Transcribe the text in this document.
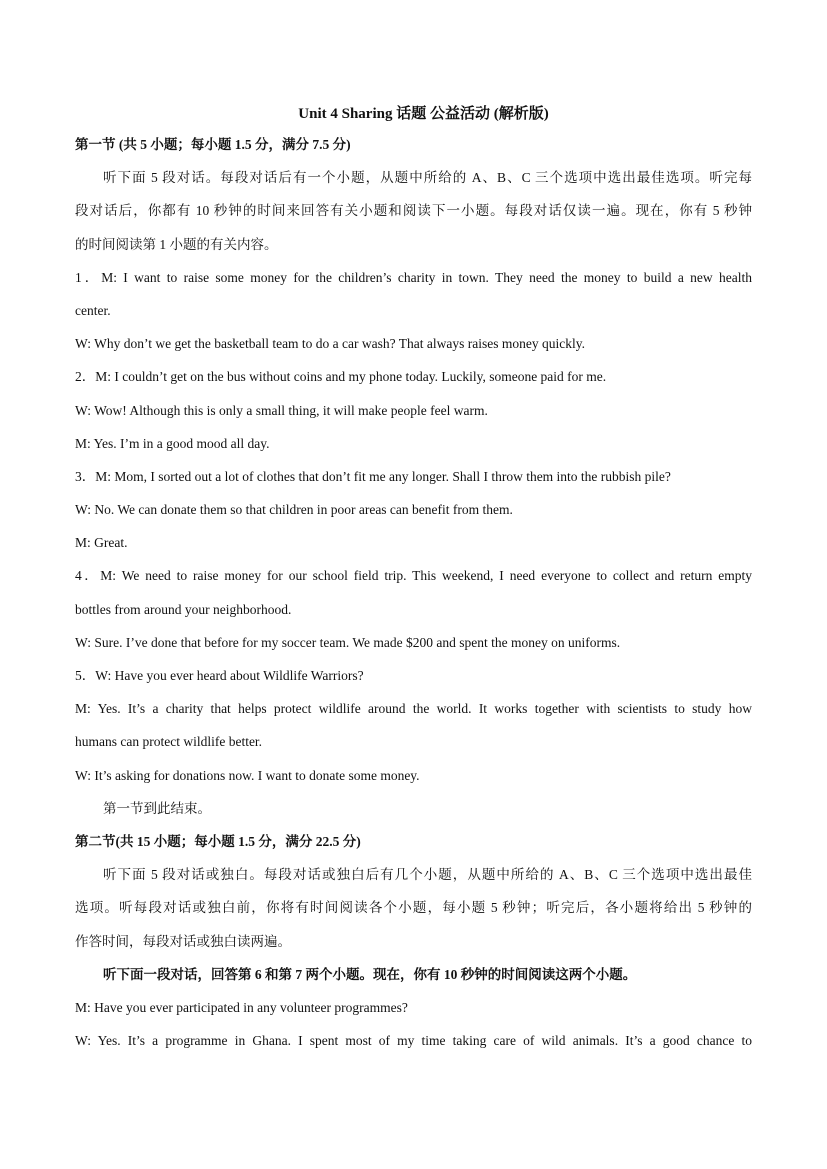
Unit 4 Sharing 话题 公益活动 (解析版)
第一节 (共 5 小题；每小题 1.5 分，满分 7.5 分)
听下面 5 段对话。每段对话后有一个小题，从题中所给的 A、B、C 三个选项中选出最佳选项。听完每
段对话后，你都有 10 秒钟的时间来回答有关小题和阅读下一小题。每段对话仅读一遍。现在，你有 5 秒钟
的时间阅读第 1 小题的有关内容。
1．M: I want to raise some money for the children’s charity in town. They need the money to build a new health
center.
W: Why don’t we get the basketball team to do a car wash? That always raises money quickly.
2．M: I couldn’t get on the bus without coins and my phone today. Luckily, someone paid for me.
W: Wow! Although this is only a small thing, it will make people feel warm.
M: Yes. I’m in a good mood all day.
3．M: Mom, I sorted out a lot of clothes that don’t fit me any longer. Shall I throw them into the rubbish pile?
W: No. We can donate them so that children in poor areas can benefit from them.
M: Great.
4．M: We need to raise money for our school field trip. This weekend, I need everyone to collect and return empty
bottles from around your neighborhood.
W: Sure. I’ve done that before for my soccer team. We made $200 and spent the money on uniforms.
5．W: Have you ever heard about Wildlife Warriors?
M: Yes. It’s a charity that helps protect wildlife around the world. It works together with scientists to study how
humans can protect wildlife better.
W: It’s asking for donations now. I want to donate some money.
第一节到此结束。
第二节(共 15 小题；每小题 1.5 分，满分 22.5 分)
听下面 5 段对话或独白。每段对话或独白后有几个小题，从题中所给的 A、B、C 三个选项中选出最佳
选项。听每段对话或独白前，你将有时间阅读各个小题，每小题 5 秒钟；听完后，各小题将给出 5 秒钟的
作答时间，每段对话或独白读两遍。
听下面一段对话，回答第 6 和第 7 两个小题。现在，你有 10 秒钟的时间阅读这两个小题。
M: Have you ever participated in any volunteer programmes?
W: Yes. It’s a programme in Ghana. I spent most of my time taking care of wild animals. It’s a good chance to
